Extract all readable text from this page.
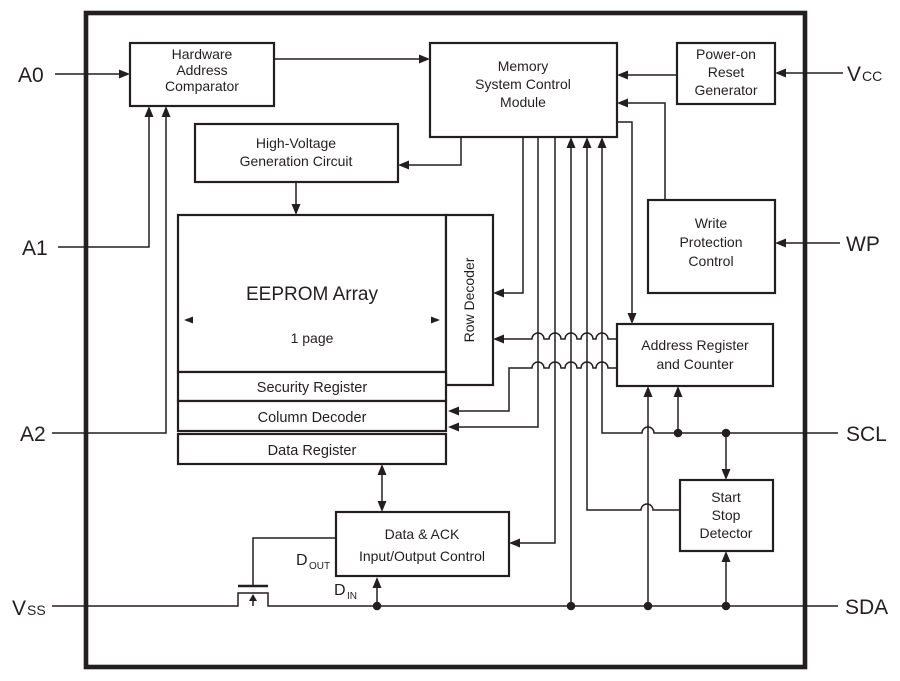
Hardware
Address
Comparator
Memory
System Control
Module
Power-on
Reset
Generator
High-Voltage
Generation Circuit
Write
Protection
Control
EEPROM Array
1 page	Row Decoder
Security Register
Column Decoder
Data Register
Address Register
and Counter
Start
Stop
Detector
Data & ACK
Input/Output Control
A0
A1
A2
V SS
V CC
WP
SCL
SDA
D OUT
D IN
